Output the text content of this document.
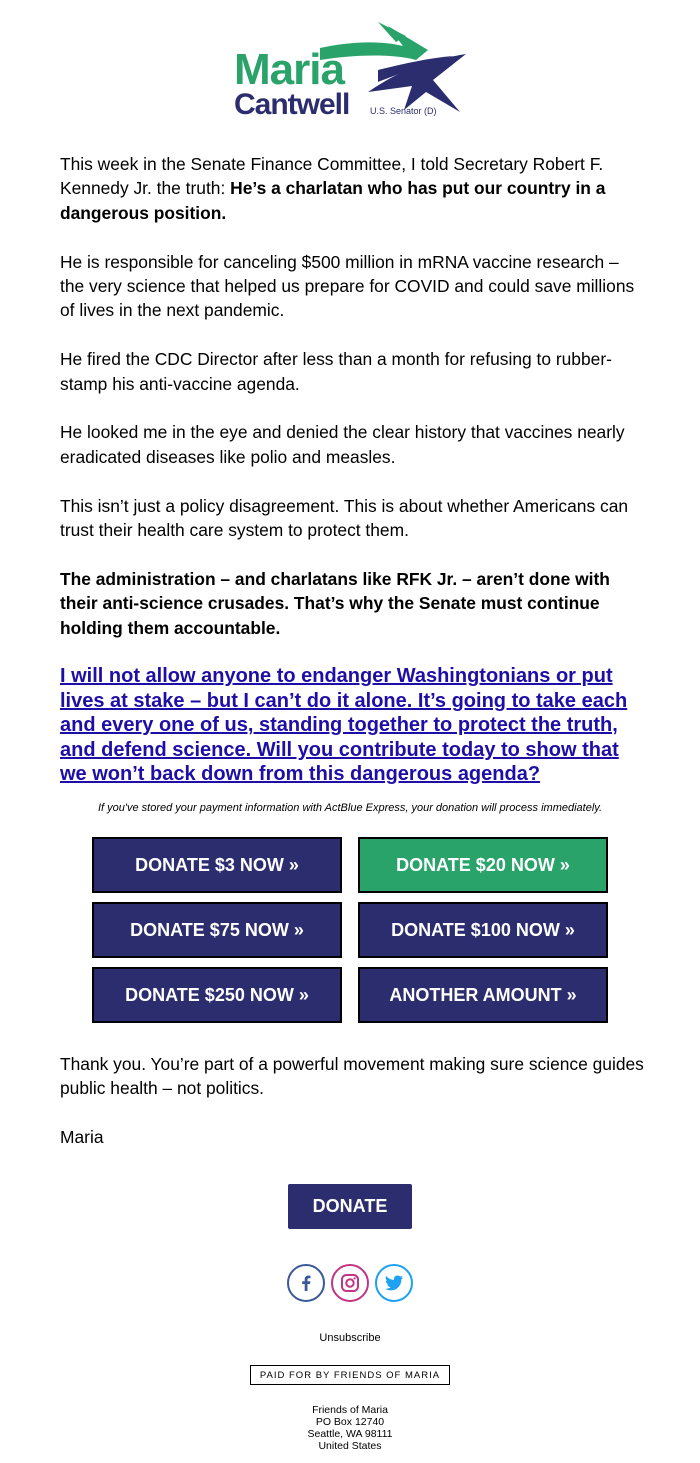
Maria
Cantwell U.S. Senator (D)

This week in the Senate Finance Committee, I told Secretary Robert F. Kennedy Jr. the truth: He’s a charlatan who has put our country in a dangerous position.

He is responsible for canceling $500 million in mRNA vaccine research – the very science that helped us prepare for COVID and could save millions of lives in the next pandemic.

He fired the CDC Director after less than a month for refusing to rubber-stamp his anti-vaccine agenda.

He looked me in the eye and denied the clear history that vaccines nearly eradicated diseases like polio and measles.

This isn’t just a policy disagreement. This is about whether Americans can trust their health care system to protect them.

The administration – and charlatans like RFK Jr. – aren’t done with their anti-science crusades. That’s why the Senate must continue holding them accountable.

I will not allow anyone to endanger Washingtonians or put lives at stake – but I can’t do it alone. It’s going to take each and every one of us, standing together to protect the truth, and defend science. Will you contribute today to show that we won’t back down from this dangerous agenda?

If you've stored your payment information with ActBlue Express, your donation will process immediately.
DONATE $3 NOW »	DONATE $20 NOW »
DONATE $75 NOW »	DONATE $100 NOW »
DONATE $250 NOW »	ANOTHER AMOUNT »

Thank you. You’re part of a powerful movement making sure science guides public health – not politics.

Maria

DONATE
Unsubscribe
PAID FOR BY FRIENDS OF MARIA
Friends of Maria
PO Box 12740
Seattle, WA 98111
United States
